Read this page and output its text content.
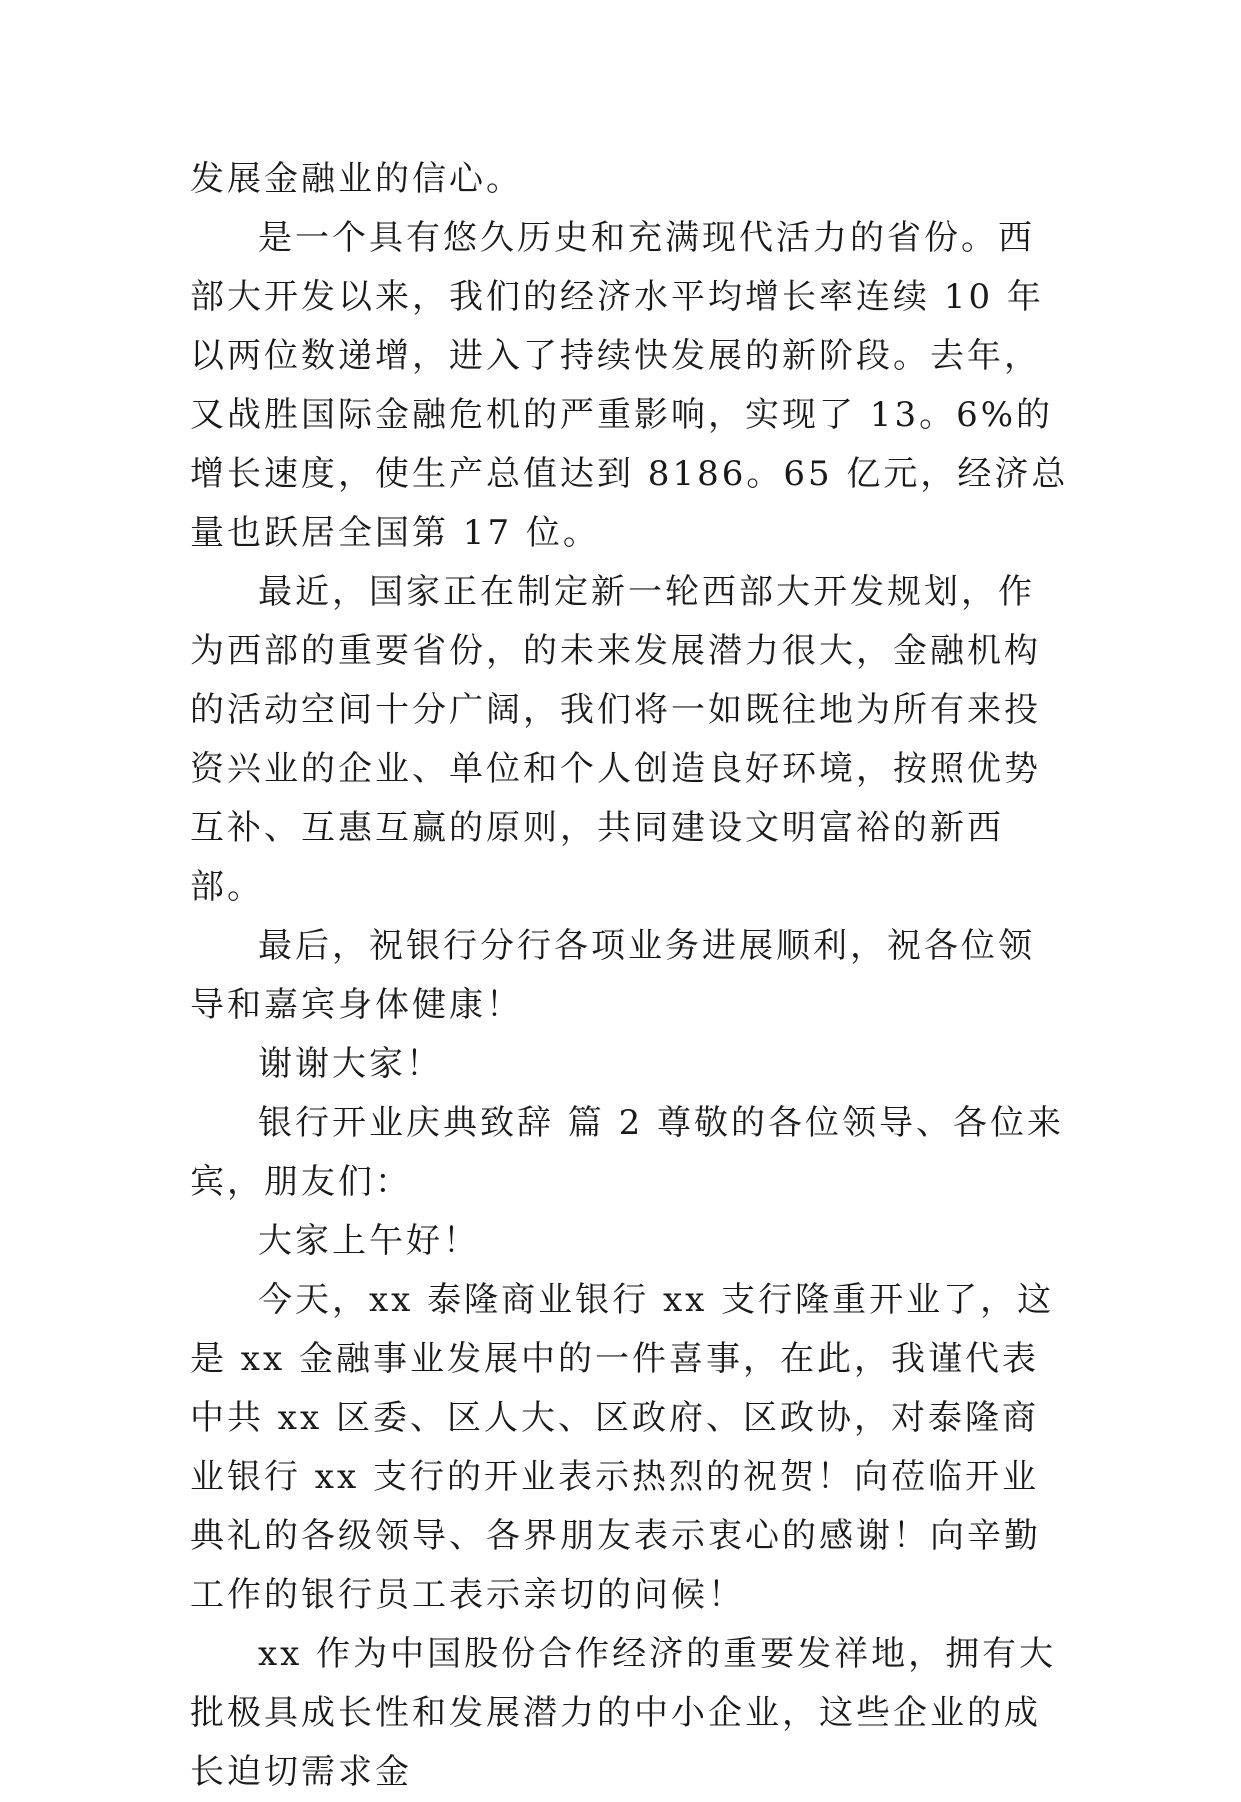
发展金融业的信心。

是一个具有悠久历史和充满现代活力的省份。西部大开发以来，我们的经济水平均增长率连续 10 年以两位数递增，进入了持续快发展的新阶段。去年，又战胜国际金融危机的严重影响，实现了 13。6%的增长速度，使生产总值达到 8186。65 亿元，经济总量也跃居全国第 17 位。

最近，国家正在制定新一轮西部大开发规划，作为西部的重要省份，的未来发展潜力很大，金融机构的活动空间十分广阔，我们将一如既往地为所有来投资兴业的企业、单位和个人创造良好环境，按照优势互补、互惠互赢的原则，共同建设文明富裕的新西部。

最后，祝银行分行各项业务进展顺利，祝各位领导和嘉宾身体健康！

谢谢大家！

银行开业庆典致辞 篇 2 尊敬的各位领导、各位来宾，朋友们：

大家上午好！

今天，xx 泰隆商业银行 xx 支行隆重开业了，这是 xx 金融事业发展中的一件喜事，在此，我谨代表中共 xx 区委、区人大、区政府、区政协，对泰隆商业银行 xx 支行的开业表示热烈的祝贺！向莅临开业典礼的各级领导、各界朋友表示衷心的感谢！向辛勤工作的银行员工表示亲切的问候！

xx 作为中国股份合作经济的重要发祥地，拥有大批极具成长性和发展潜力的中小企业，这些企业的成长迫切需求金
